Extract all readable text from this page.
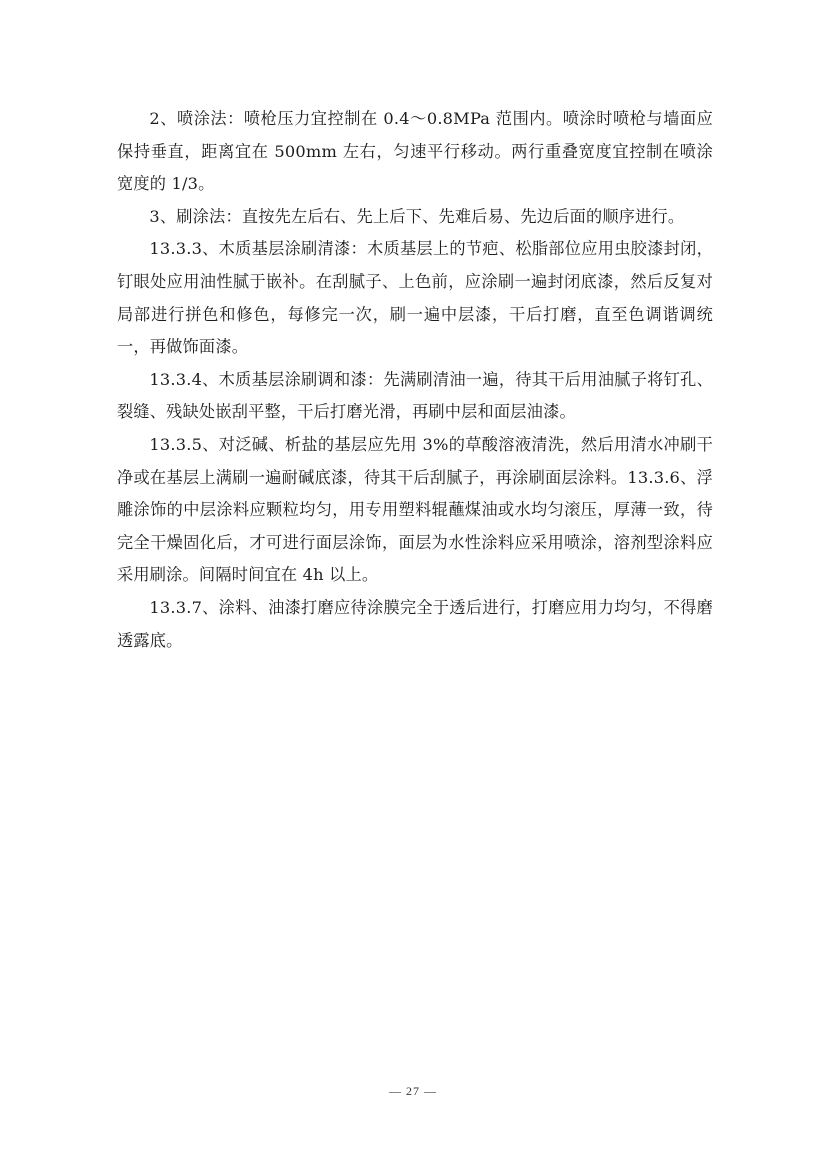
2、喷涂法：喷枪压力宜控制在 0.4～0.8MPa 范围内。喷涂时喷枪与墙面应保持垂直，距离宜在 500mm 左右，匀速平行移动。两行重叠宽度宜控制在喷涂宽度的 1/3。

3、刷涂法：直按先左后右、先上后下、先难后易、先边后面的顺序进行。

13.3.3、木质基层涂刷清漆：木质基层上的节疤、松脂部位应用虫胶漆封闭，钉眼处应用油性腻于嵌补。在刮腻子、上色前，应涂刷一遍封闭底漆，然后反复对局部进行拼色和修色，每修完一次，刷一遍中层漆，干后打磨，直至色调谐调统一，再做饰面漆。

13.3.4、木质基层涂刷调和漆：先满刷清油一遍，待其干后用油腻子将钉孔、裂缝、残缺处嵌刮平整，干后打磨光滑，再刷中层和面层油漆。

13.3.5、对泛碱、析盐的基层应先用 3%的草酸溶液清洗，然后用清水冲刷干净或在基层上满刷一遍耐碱底漆，待其干后刮腻子，再涂刷面层涂料。13.3.6、浮雕涂饰的中层涂料应颗粒均匀，用专用塑料辊蘸煤油或水均匀滚压，厚薄一致，待完全干燥固化后，才可进行面层涂饰，面层为水性涂料应采用喷涂，溶剂型涂料应采用刷涂。间隔时间宜在 4h 以上。

13.3.7、涂料、油漆打磨应待涂膜完全于透后进行，打磨应用力均匀，不得磨透露底。

— 27 —
